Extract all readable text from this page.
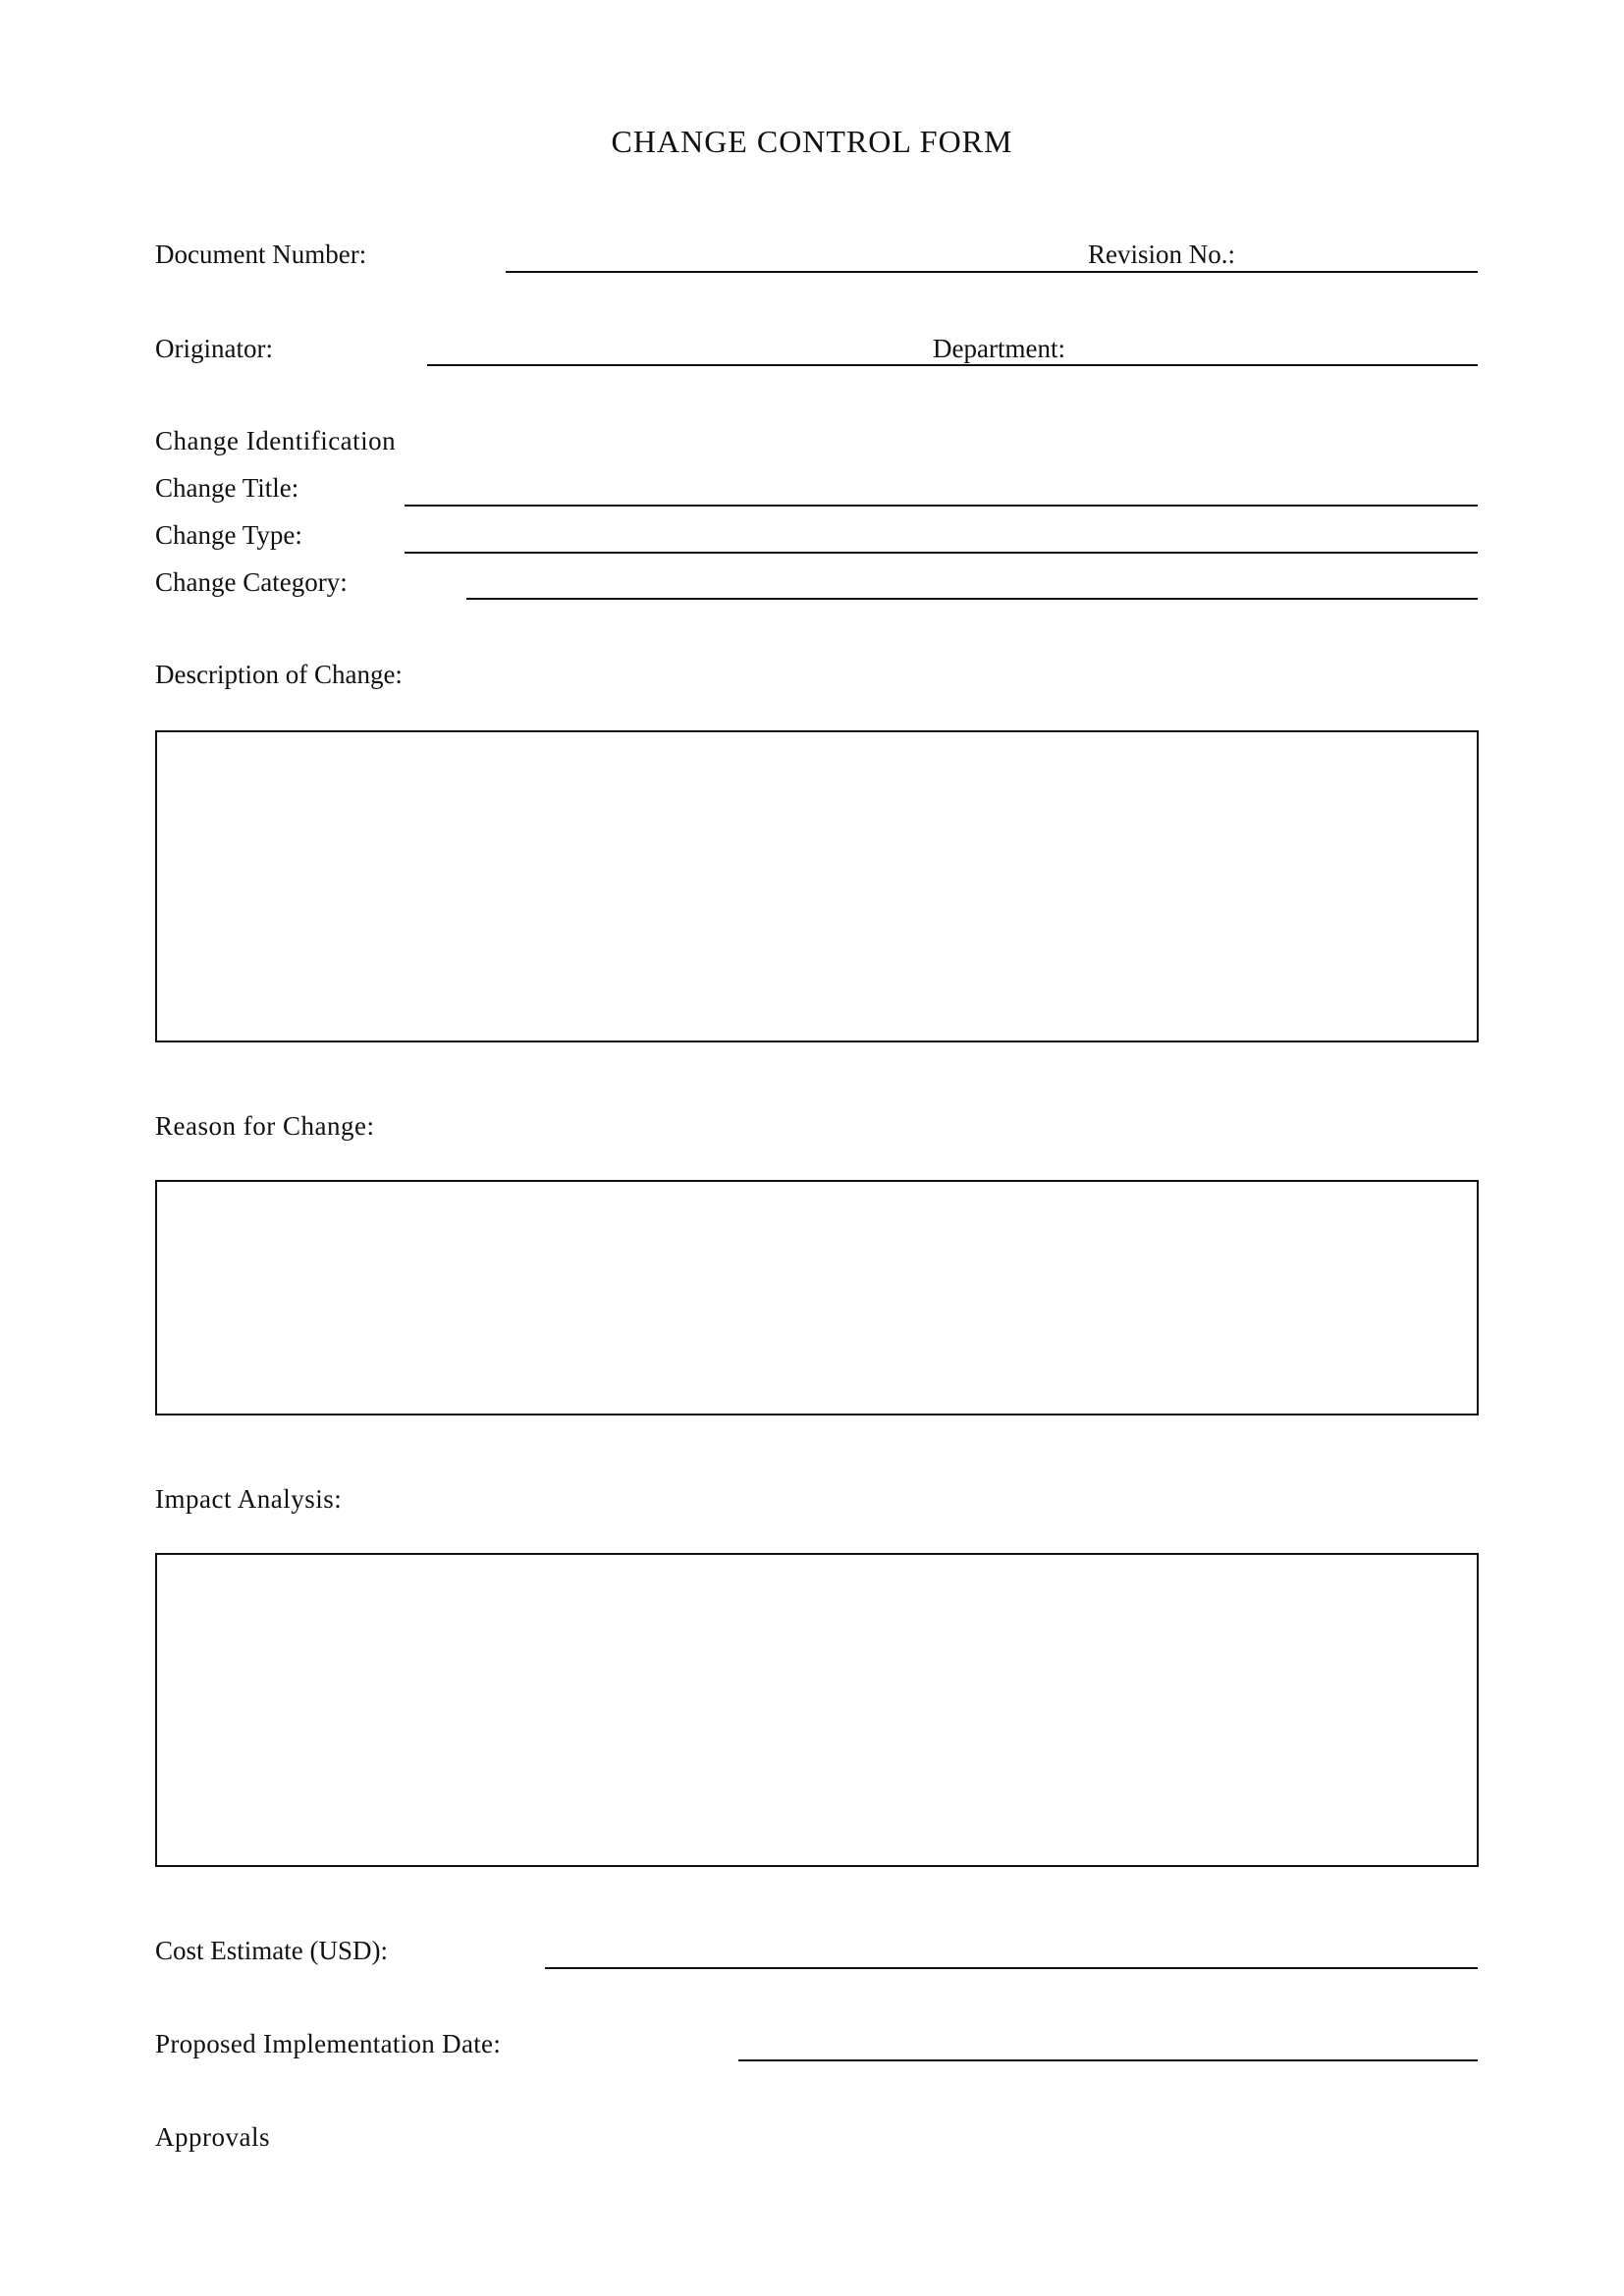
CHANGE CONTROL FORM
Document Number:	Revision No.:
Originator:	Department:
Change Identification
Change Title:
Change Type:
Change Category:
Description of Change:
Reason for Change:
Impact Analysis:
Cost Estimate (USD):
Proposed Implementation Date:
Approvals
